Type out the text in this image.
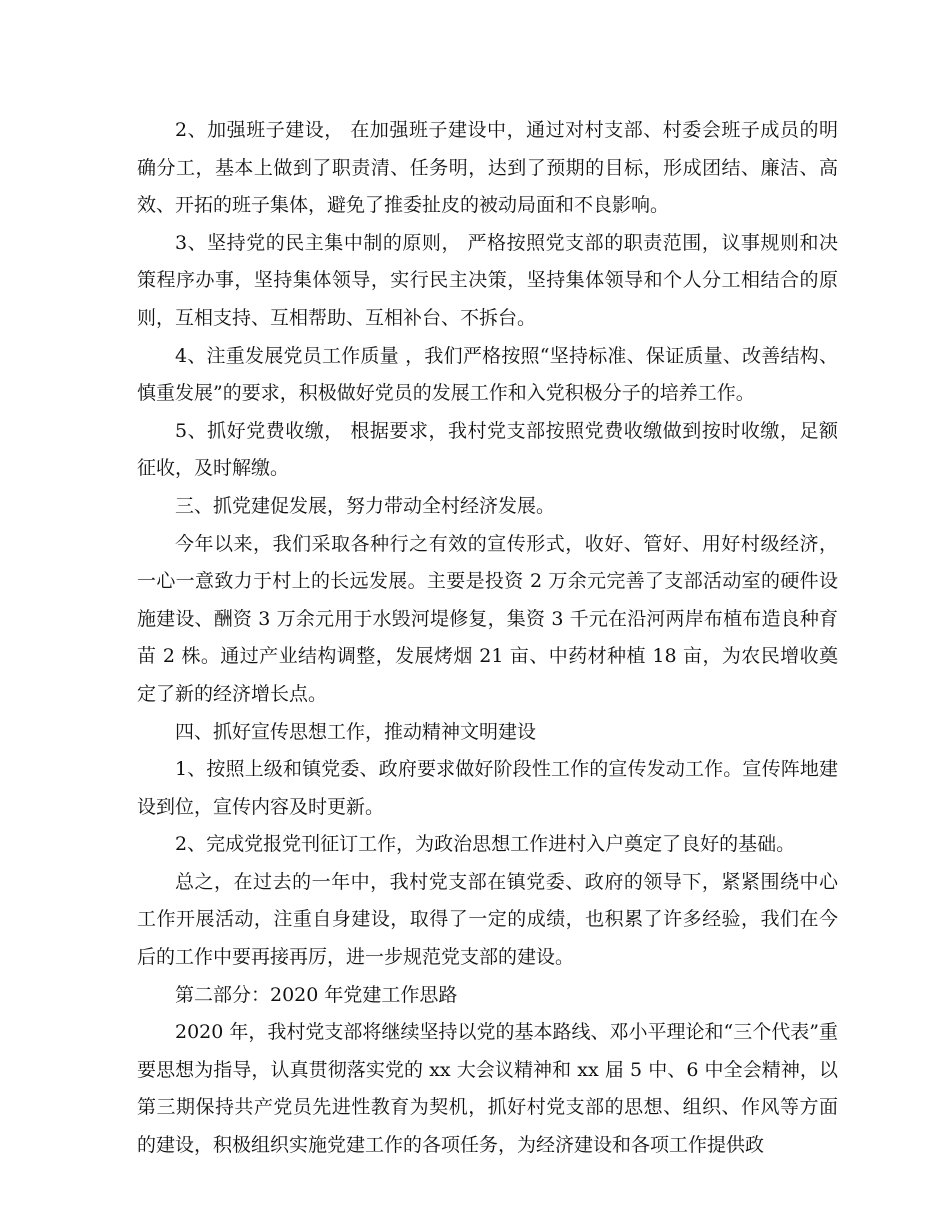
2、加强班子建设， 在加强班子建设中，通过对村支部、村委会班子成员的明确分工，基本上做到了职责清、任务明，达到了预期的目标，形成团结、廉洁、高效、开拓的班子集体，避免了推委扯皮的被动局面和不良影响。

3、坚持党的民主集中制的原则， 严格按照党支部的职责范围，议事规则和决策程序办事，坚持集体领导，实行民主决策，坚持集体领导和个人分工相结合的原则，互相支持、互相帮助、互相补台、不拆台。

4、注重发展党员工作质量 ，我们严格按照“坚持标准、保证质量、改善结构、慎重发展”的要求，积极做好党员的发展工作和入党积极分子的培养工作。

5、抓好党费收缴， 根据要求，我村党支部按照党费收缴做到按时收缴，足额征收，及时解缴。

三、抓党建促发展，努力带动全村经济发展。

今年以来，我们采取各种行之有效的宣传形式，收好、管好、用好村级经济，一心一意致力于村上的长远发展。主要是投资 2 万余元完善了支部活动室的硬件设施建设、酬资 3 万余元用于水毁河堤修复，集资 3 千元在沿河两岸布植布造良种育苗 2 株。通过产业结构调整，发展烤烟 21 亩、中药材种植 18 亩，为农民增收奠定了新的经济增长点。

四、抓好宣传思想工作，推动精神文明建设

1、按照上级和镇党委、政府要求做好阶段性工作的宣传发动工作。宣传阵地建设到位，宣传内容及时更新。

2、完成党报党刊征订工作，为政治思想工作进村入户奠定了良好的基础。

总之，在过去的一年中，我村党支部在镇党委、政府的领导下，紧紧围绕中心工作开展活动，注重自身建设，取得了一定的成绩，也积累了许多经验，我们在今后的工作中要再接再厉，进一步规范党支部的建设。

第二部分：2020 年党建工作思路

2020 年，我村党支部将继续坚持以党的基本路线、邓小平理论和“三个代表”重要思想为指导，认真贯彻落实党的 xx 大会议精神和 xx 届 5 中、6 中全会精神，以第三期保持共产党员先进性教育为契机，抓好村党支部的思想、组织、作风等方面的建设，积极组织实施党建工作的各项任务，为经济建设和各项工作提供政
